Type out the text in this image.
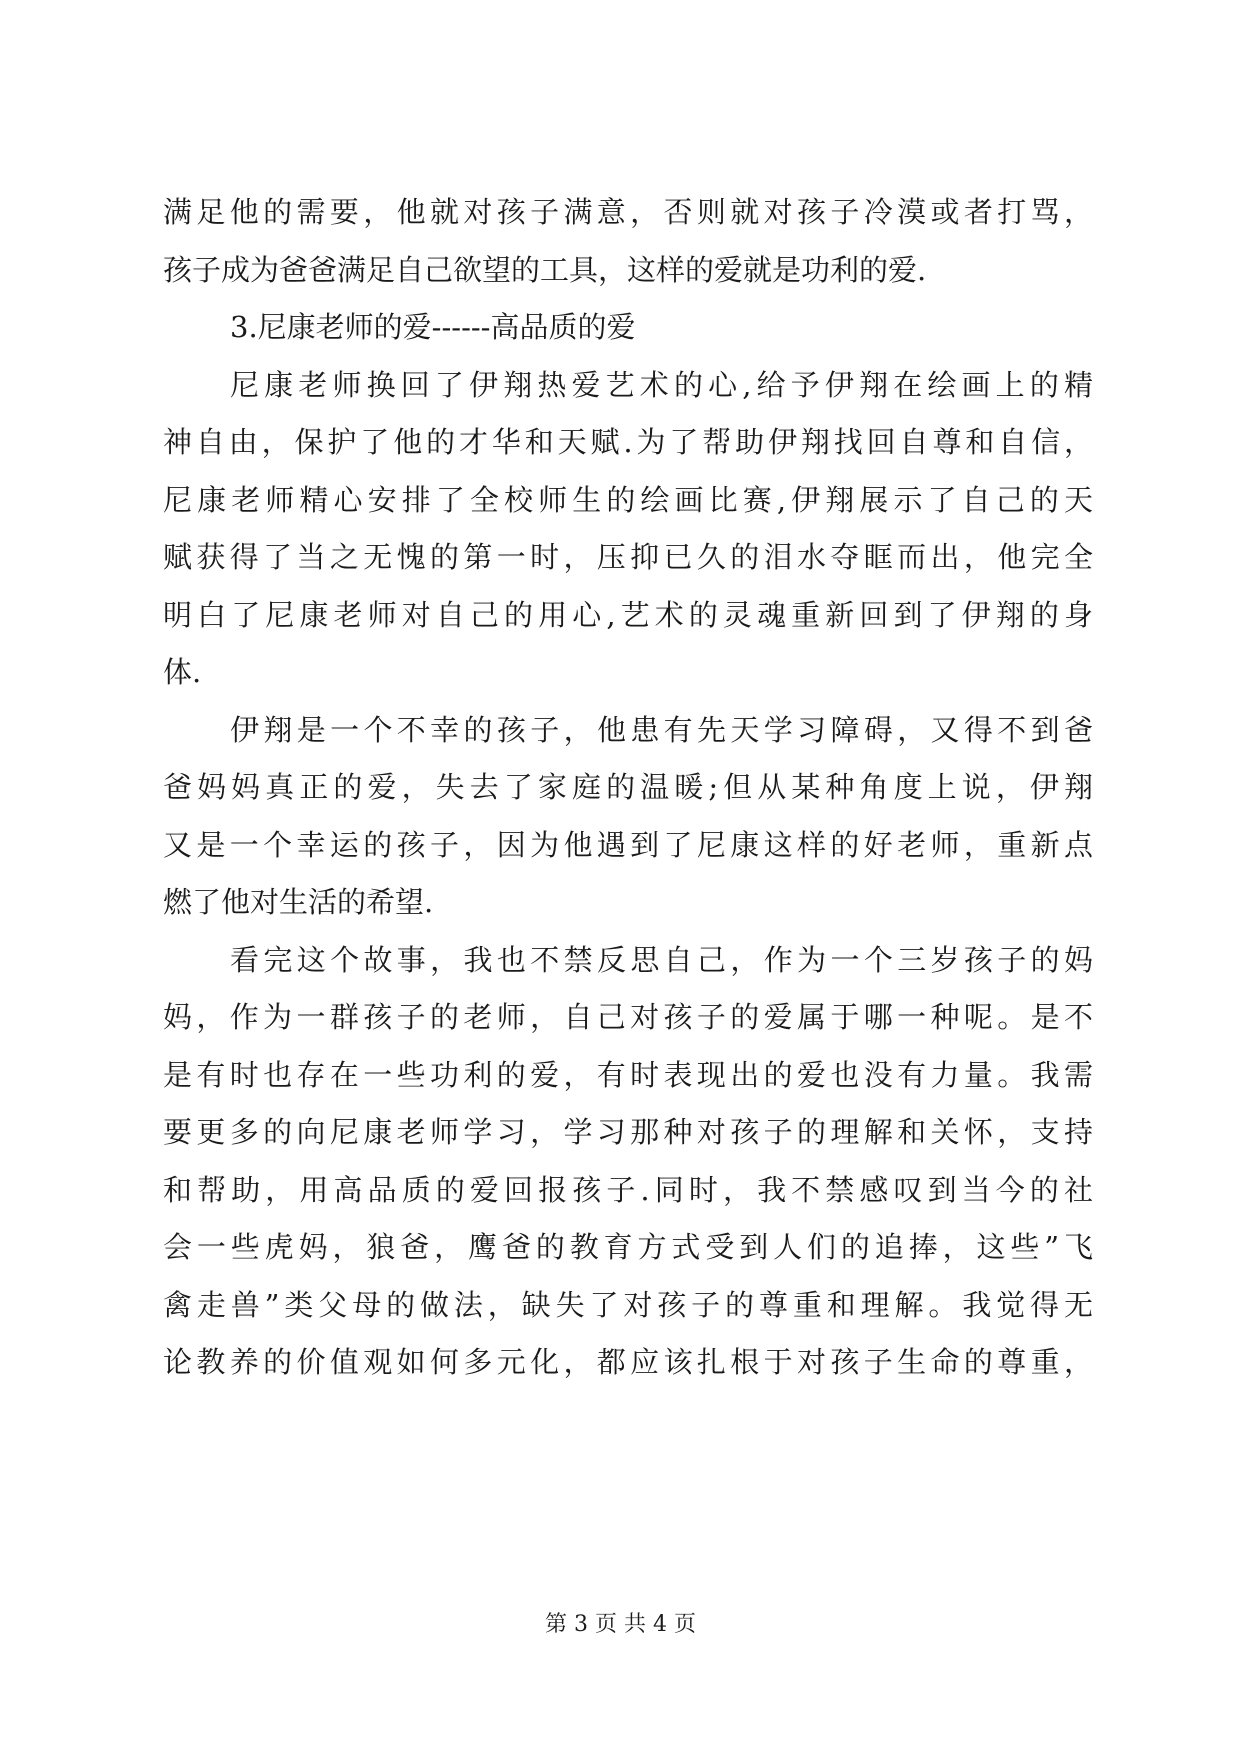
满足他的需要，他就对孩子满意，否则就对孩子冷漠或者打骂，
孩子成为爸爸满足自己欲望的工具，这样的爱就是功利的爱.
3.尼康老师的爱------高品质的爱
尼康老师换回了伊翔热爱艺术的心,给予伊翔在绘画上的精
神自由，保护了他的才华和天赋.为了帮助伊翔找回自尊和自信，
尼康老师精心安排了全校师生的绘画比赛,伊翔展示了自己的天
赋获得了当之无愧的第一时，压抑已久的泪水夺眶而出，他完全
明白了尼康老师对自己的用心,艺术的灵魂重新回到了伊翔的身
体.
伊翔是一个不幸的孩子，他患有先天学习障碍，又得不到爸
爸妈妈真正的爱，失去了家庭的温暖;但从某种角度上说，伊翔
又是一个幸运的孩子，因为他遇到了尼康这样的好老师，重新点
燃了他对生活的希望.
看完这个故事，我也不禁反思自己，作为一个三岁孩子的妈
妈，作为一群孩子的老师，自己对孩子的爱属于哪一种呢。是不
是有时也存在一些功利的爱，有时表现出的爱也没有力量。我需
要更多的向尼康老师学习，学习那种对孩子的理解和关怀，支持
和帮助，用高品质的爱回报孩子.同时，我不禁感叹到当今的社
会一些虎妈，狼爸，鹰爸的教育方式受到人们的追捧，这些”飞
禽走兽”类父母的做法，缺失了对孩子的尊重和理解。我觉得无
论教养的价值观如何多元化，都应该扎根于对孩子生命的尊重，
第 3 页 共 4 页
